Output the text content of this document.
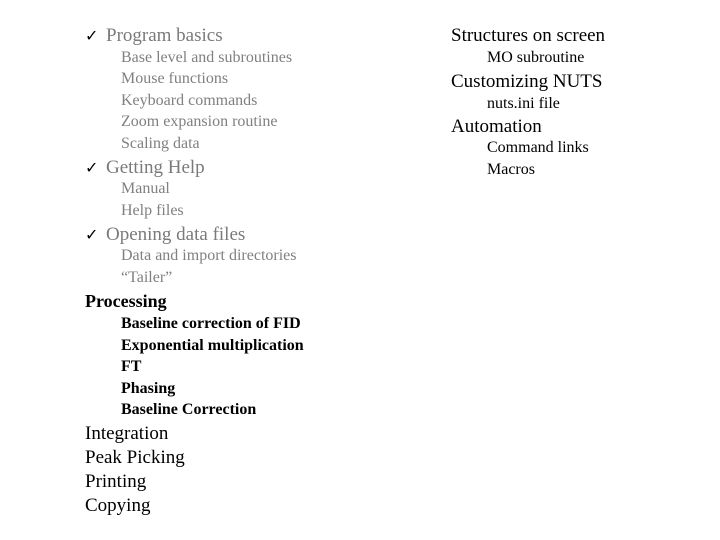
✓ Program basics
Base level and subroutines
Mouse functions
Keyboard commands
Zoom expansion routine
Scaling data
✓ Getting Help
Manual
Help files
✓ Opening data files
Data and import directories
“Tailer”
Processing
Baseline correction of FID
Exponential multiplication
FT
Phasing
Baseline Correction
Integration
Peak Picking
Printing
Copying
Structures on screen
MO subroutine
Customizing NUTS
nuts.ini file
Automation
Command links
Macros
